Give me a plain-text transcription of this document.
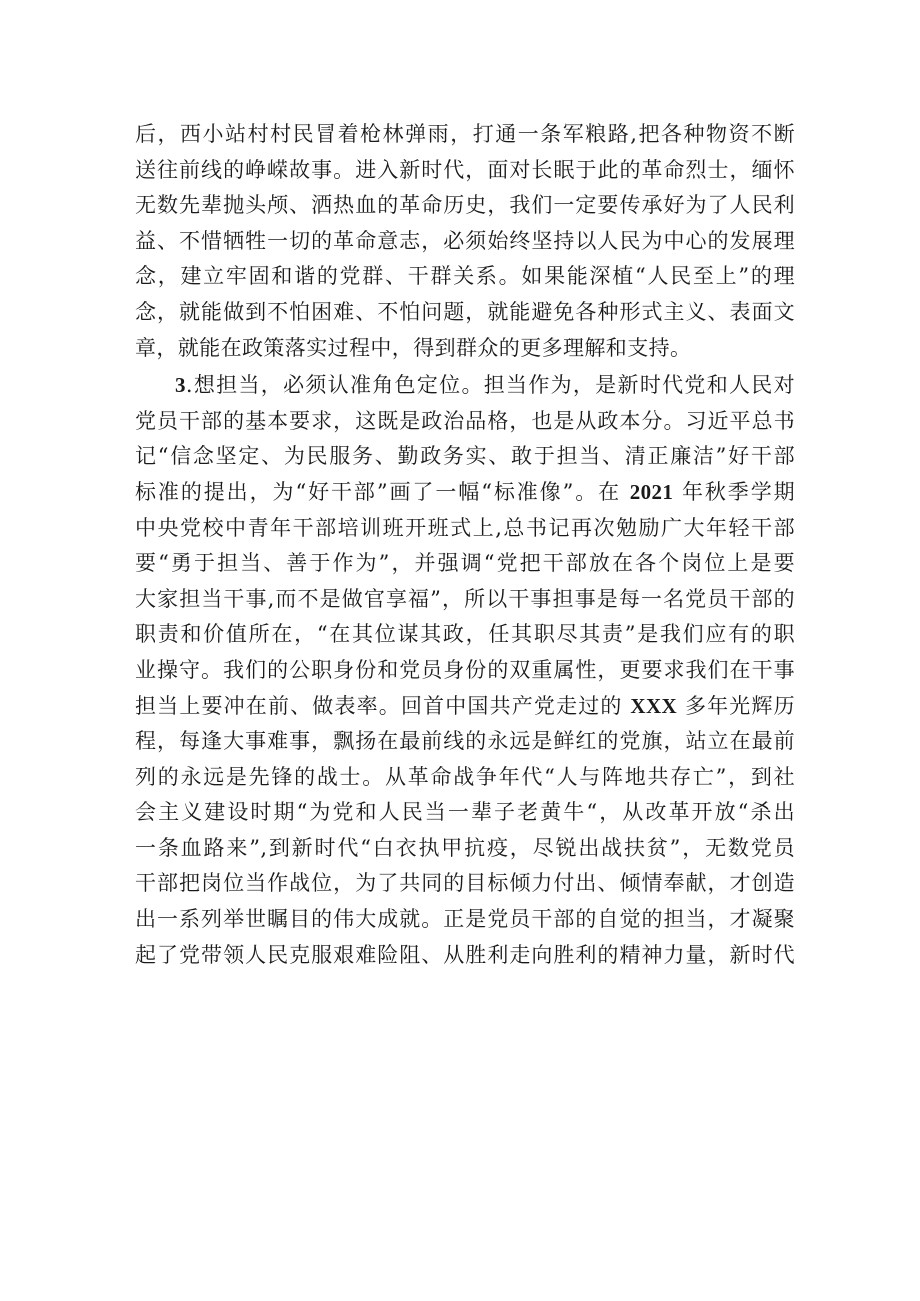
后，西小站村村民冒着枪林弹雨，打通一条军粮路,把各种物资不断
送往前线的峥嵘故事。进入新时代，面对长眠于此的革命烈士，缅怀
无数先辈抛头颅、洒热血的革命历史，我们一定要传承好为了人民利
益、不惜牺牲一切的革命意志，必须始终坚持以人民为中心的发展理
念，建立牢固和谐的党群、干群关系。如果能深植“人民至上”的理
念，就能做到不怕困难、不怕问题，就能避免各种形式主义、表面文
章，就能在政策落实过程中，得到群众的更多理解和支持。
3.想担当，必须认准角色定位。担当作为，是新时代党和人民对
党员干部的基本要求，这既是政治品格，也是从政本分。习近平总书
记“信念坚定、为民服务、勤政务实、敢于担当、清正廉洁”好干部
标准的提出，为“好干部”画了一幅“标准像”。在 2021 年秋季学期
中央党校中青年干部培训班开班式上,总书记再次勉励广大年轻干部
要“勇于担当、善于作为”，并强调“党把干部放在各个岗位上是要
大家担当干事,而不是做官享福”，所以干事担事是每一名党员干部的
职责和价值所在，“在其位谋其政，任其职尽其责”是我们应有的职
业操守。我们的公职身份和党员身份的双重属性，更要求我们在干事
担当上要冲在前、做表率。回首中国共产党走过的 XXX 多年光辉历
程，每逢大事难事，飘扬在最前线的永远是鲜红的党旗，站立在最前
列的永远是先锋的战士。从革命战争年代“人与阵地共存亡”，到社
会主义建设时期“为党和人民当一辈子老黄牛“，从改革开放“杀出
一条血路来”,到新时代“白衣执甲抗疫，尽锐出战扶贫”，无数党员
干部把岗位当作战位，为了共同的目标倾力付出、倾情奉献，才创造
出一系列举世瞩目的伟大成就。正是党员干部的自觉的担当，才凝聚
起了党带领人民克服艰难险阻、从胜利走向胜利的精神力量，新时代
